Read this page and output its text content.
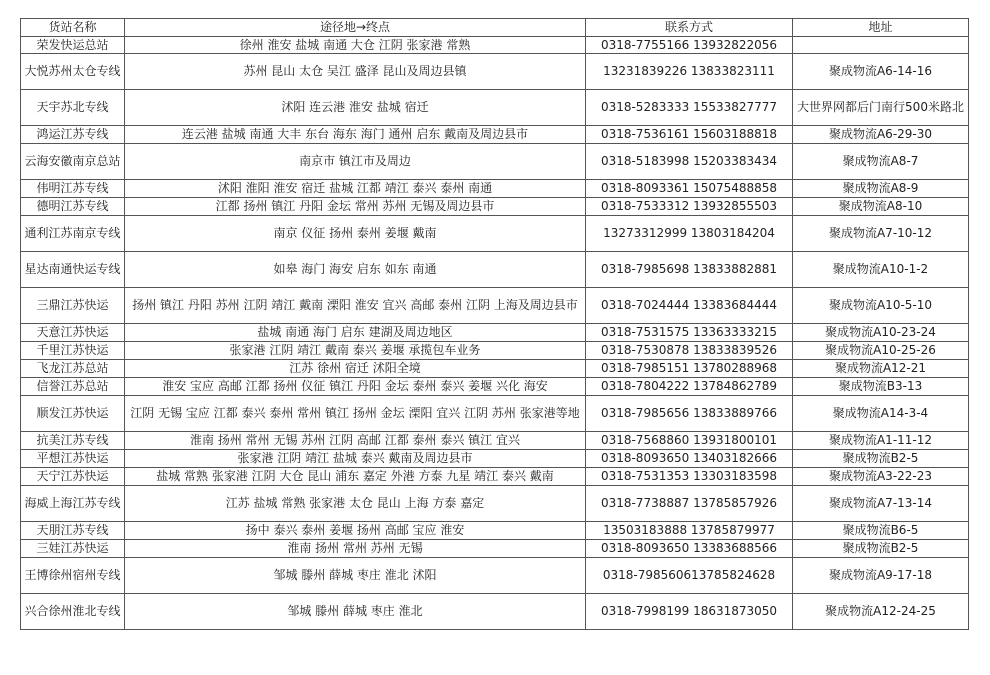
货站名称	途径地→终点	联系方式	地址
荣发快运总站	徐州 淮安 盐城 南通 大仓 江阴 张家港 常熟	0318-7755166 13932822056	
大悦苏州太仓专线	苏州 昆山 太仓 吴江 盛泽 昆山及周边县镇	13231839226 13833823111	聚成物流A6-14-16
天宇苏北专线	沭阳 连云港 淮安 盐城 宿迁	0318-5283333 15533827777	大世界网都后门南行500米路北
鸿运江苏专线	连云港 盐城 南通 大丰 东台 海东 海门 通州 启东 戴南及周边县市	0318-7536161 15603188818	聚成物流A6-29-30
云海安徽南京总站	南京市 镇江市及周边	0318-5183998 15203383434	聚成物流A8-7
伟明江苏专线	沭阳 淮阳 淮安 宿迁 盐城 江都 靖江 泰兴 泰州 南通	0318-8093361 15075488858	聚成物流A8-9
德明江苏专线	江都 扬州 镇江 丹阳 金坛 常州 苏州 无锡及周边县市	0318-7533312 13932855503	聚成物流A8-10
通利江苏南京专线	南京 仪征 扬州 泰州 姜堰 戴南	13273312999 13803184204	聚成物流A7-10-12
星达南通快运专线	如皋 海门 海安 启东 如东 南通	0318-7985698 13833882881	聚成物流A10-1-2
三鼎江苏快运	扬州 镇江 丹阳 苏州 江阴 靖江 戴南 溧阳 淮安 宜兴 高邮 泰州 江阴 上海及周边县市	0318-7024444 13383684444	聚成物流A10-5-10
天意江苏快运	盐城 南通 海门 启东 建湖及周边地区	0318-7531575 13363333215	聚成物流A10-23-24
千里江苏快运	张家港 江阴 靖江 戴南 泰兴 姜堰 承揽包车业务	0318-7530878 13833839526	聚成物流A10-25-26
飞龙江苏总站	江苏 徐州 宿迁 沭阳全境	0318-7985151 13780288968	聚成物流A12-21
信誉江苏总站	淮安 宝应 高邮 江都 扬州 仪征 镇江 丹阳 金坛 泰州 泰兴 姜堰 兴化 海安	0318-7804222 13784862789	聚成物流B3-13
顺发江苏快运	江阴 无锡 宝应 江都 泰兴 泰州 常州 镇江 扬州 金坛 溧阳 宜兴 江阴 苏州 张家港等地	0318-7985656 13833889766	聚成物流A14-3-4
抗美江苏专线	淮南 扬州 常州 无锡 苏州 江阴 高邮 江都 泰州 泰兴 镇江 宜兴	0318-7568860 13931800101	聚成物流A1-11-12
平想江苏快运	张家港 江阴 靖江 盐城 泰兴 戴南及周边县市	0318-8093650 13403182666	聚成物流B2-5
天宁江苏快运	盐城 常熟 张家港 江阴 大仓 昆山 浦东 嘉定 外港 方泰 九星 靖江 泰兴 戴南	0318-7531353 13303183598	聚成物流A3-22-23
海威上海江苏专线	江苏 盐城 常熟 张家港 太仓 昆山 上海 方泰 嘉定	0318-7738887 13785857926	聚成物流A7-13-14
天朋江苏专线	扬中 泰兴 泰州 姜堰 扬州 高邮 宝应 淮安	13503183888 13785879977	聚成物流B6-5
三娃江苏快运	淮南 扬州 常州 苏州 无锡	0318-8093650 13383688566	聚成物流B2-5
王博徐州宿州专线	邹城 滕州 薛城 枣庄 淮北 沭阳	0318-798560613785824628	聚成物流A9-17-18
兴合徐州淮北专线	邹城 滕州 薛城 枣庄 淮北	0318-7998199 18631873050	聚成物流A12-24-25
